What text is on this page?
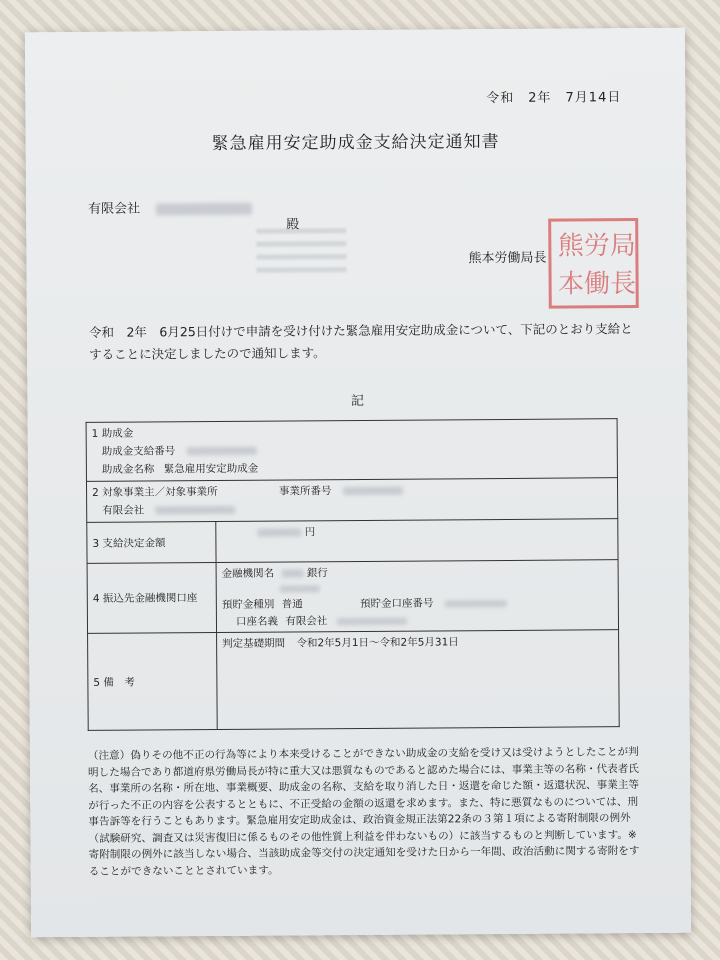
令和　2年　7月14日
緊急雇用安定助成金支給決定通知書
有限会社
殿
熊本労働局長
熊
労
局
本
働
長
令和　2年　6月25日付けで申請を受け付けた緊急雇用安定助成金について、下記のとおり支給とすることに決定しましたので通知します。
記
1 助成金
助成金支給番号
助成金名称 緊急雇用安定助成金	

2 対象事業主／対象事業所 事業所番号
有限会社	

3 支給決定金額	円
4 振込先金融機関口座	金融機関名 銀行
預貯金種別 普通 預貯金口座番号
口座名義 有限会社

5 備　考	判定基礎期間 令和2年5月1日～令和2年5月31日
（注意）偽りその他不正の行為等により本来受けることができない助成金の支給を受け又は受けようとしたことが判明した場合であり都道府県労働局長が特に重大又は悪質なものであると認めた場合には、事業主等の名称・代表者氏名、事業所の名称・所在地、事業概要、助成金の名称、支給を取り消した日・返還を命じた額・返還状況、事業主等が行った不正の内容を公表するとともに、不正受給の金額の返還を求めます。また、特に悪質なものについては、刑事告訴等を行うこともあります。緊急雇用安定助成金は、政治資金規正法第22条の３第１項による寄附制限の例外（試験研究、調査又は災害復旧に係るものその他性質上利益を伴わないもの）に該当するものと判断しています。※寄附制限の例外に該当しない場合、当該助成金等交付の決定通知を受けた日から一年間、政治活動に関する寄附をすることができないこととされています。
